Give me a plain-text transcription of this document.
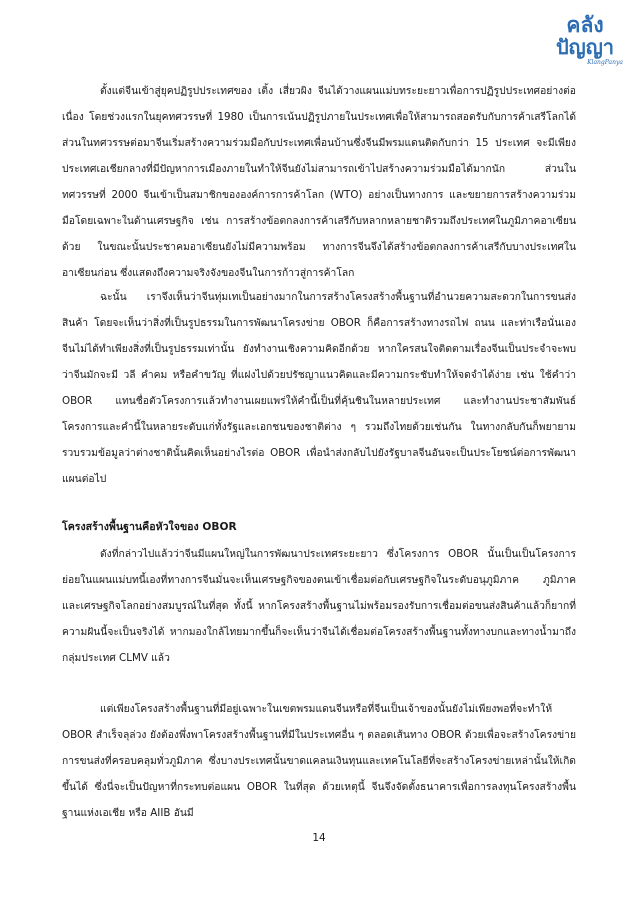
คลัง
ปัญญา
KlangPanya

ตั้งแต่จีนเข้าสู่ยุคปฏิรูปประเทศของ เติ้ง เสี่ยวผิง จีนได้วางแผนแม่บทระยะยาวเพื่อการปฏิรูปประเทศอย่างต่อเนื่อง โดยช่วงแรกในยุคทศวรรษที่ 1980 เป็นการเน้นปฏิรูปภายในประเทศเพื่อให้สามารถสอดรับกับการค้าเสรีโลกได้ ส่วนในทศวรรษต่อมาจีนเริ่มสร้างความร่วมมือกับประเทศเพื่อนบ้านซึ่งจีนมีพรมแดนติดกับกว่า 15 ประเทศ จะมีเพียงประเทศเอเชียกลางที่มีปัญหาการเมืองภายในทำให้จีนยังไม่สามารถเข้าไปสร้างความร่วมมือได้มากนัก ส่วนในทศวรรษที่ 2000 จีนเข้าเป็นสมาชิกขององค์การการค้าโลก (WTO) อย่างเป็นทางการ และขยายการสร้างความร่วมมือโดยเฉพาะในด้านเศรษฐกิจ เช่น การสร้างข้อตกลงการค้าเสรีกับหลากหลายชาติรวมถึงประเทศในภูมิภาคอาเซียนด้วย ในขณะนั้นประชาคมอาเซียนยังไม่มีความพร้อม ทางการจีนจึงได้สร้างข้อตกลงการค้าเสรีกับบางประเทศในอาเซียนก่อน ซึ่งแสดงถึงความจริงจังของจีนในการก้าวสู่การค้าโลก

ฉะนั้น เราจึงเห็นว่าจีนทุ่มเทเป็นอย่างมากในการสร้างโครงสร้างพื้นฐานที่อำนวยความสะดวกในการขนส่งสินค้า โดยจะเห็นว่าสิ่งที่เป็นรูปธรรมในการพัฒนาโครงข่าย OBOR ก็คือการสร้างทางรถไฟ ถนน และท่าเรือนั่นเอง จีนไม่ได้ทำเพียงสิ่งที่เป็นรูปธรรมเท่านั้น ยังทำงานเชิงความคิดอีกด้วย หากใครสนใจติดตามเรื่องจีนเป็นประจำจะพบว่าจีนมักจะมี วลี คำคม หรือคำขวัญ ที่แฝงไปด้วยปรัชญาแนวคิดและมีความกระชับทำให้จดจำได้ง่าย เช่น ใช้คำว่า OBOR แทนชื่อตัวโครงการแล้วทำงานเผยแพร่ให้คำนี้เป็นที่คุ้นชินในหลายประเทศ และทำงานประชาสัมพันธ์โครงการและคำนี้ในหลายระดับแก่ทั้งรัฐและเอกชนของชาติต่าง ๆ รวมถึงไทยด้วยเช่นกัน ในทางกลับกันก็พยายามรวบรวมข้อมูลว่าต่างชาตินั้นคิดเห็นอย่างไรต่อ OBOR เพื่อนำส่งกลับไปยังรัฐบาลจีนอันจะเป็นประโยชน์ต่อการพัฒนาแผนต่อไป

โครงสร้างพื้นฐานคือหัวใจของ OBOR

ดังที่กล่าวไปแล้วว่าจีนมีแผนใหญ่ในการพัฒนาประเทศระยะยาว ซึ่งโครงการ OBOR นั้นเป็นเป็นโครงการย่อยในแผนแม่บทนี้เองที่ทางการจีนมั่นจะเห็นเศรษฐกิจของตนเข้าเชื่อมต่อกับเศรษฐกิจในระดับอนุภูมิภาค ภูมิภาค และเศรษฐกิจโลกอย่างสมบูรณ์ในที่สุด ทั้งนี้ หากโครงสร้างพื้นฐานไม่พร้อมรองรับการเชื่อมต่อขนส่งสินค้าแล้วก็ยากที่ความฝันนี้จะเป็นจริงได้ หากมองใกล้ไทยมากขึ้นก็จะเห็นว่าจีนได้เชื่อมต่อโครงสร้างพื้นฐานทั้งทางบกและทางน้ำมาถึงกลุ่มประเทศ CLMV แล้ว

แต่เพียงโครงสร้างพื้นฐานที่มีอยู่เฉพาะในเขตพรมแดนจีนหรือที่จีนเป็นเจ้าของนั้นยังไม่เพียงพอที่จะทำให้ OBOR สำเร็จลุล่วง ยังต้องพึ่งพาโครงสร้างพื้นฐานที่มีในประเทศอื่น ๆ ตลอดเส้นทาง OBOR ด้วยเพื่อจะสร้างโครงข่ายการขนส่งที่ครอบคลุมทั่วภูมิภาค ซึ่งบางประเทศนั้นขาดแคลนเงินทุนและเทคโนโลยีที่จะสร้างโครงข่ายเหล่านั้นให้เกิดขึ้นได้ ซึ่งนี่จะเป็นปัญหาที่กระทบต่อแผน OBOR ในที่สุด ด้วยเหตุนี้ จีนจึงจัดตั้งธนาคารเพื่อการลงทุนโครงสร้างพื้นฐานแห่งเอเชีย หรือ AIIB อันมี

14
